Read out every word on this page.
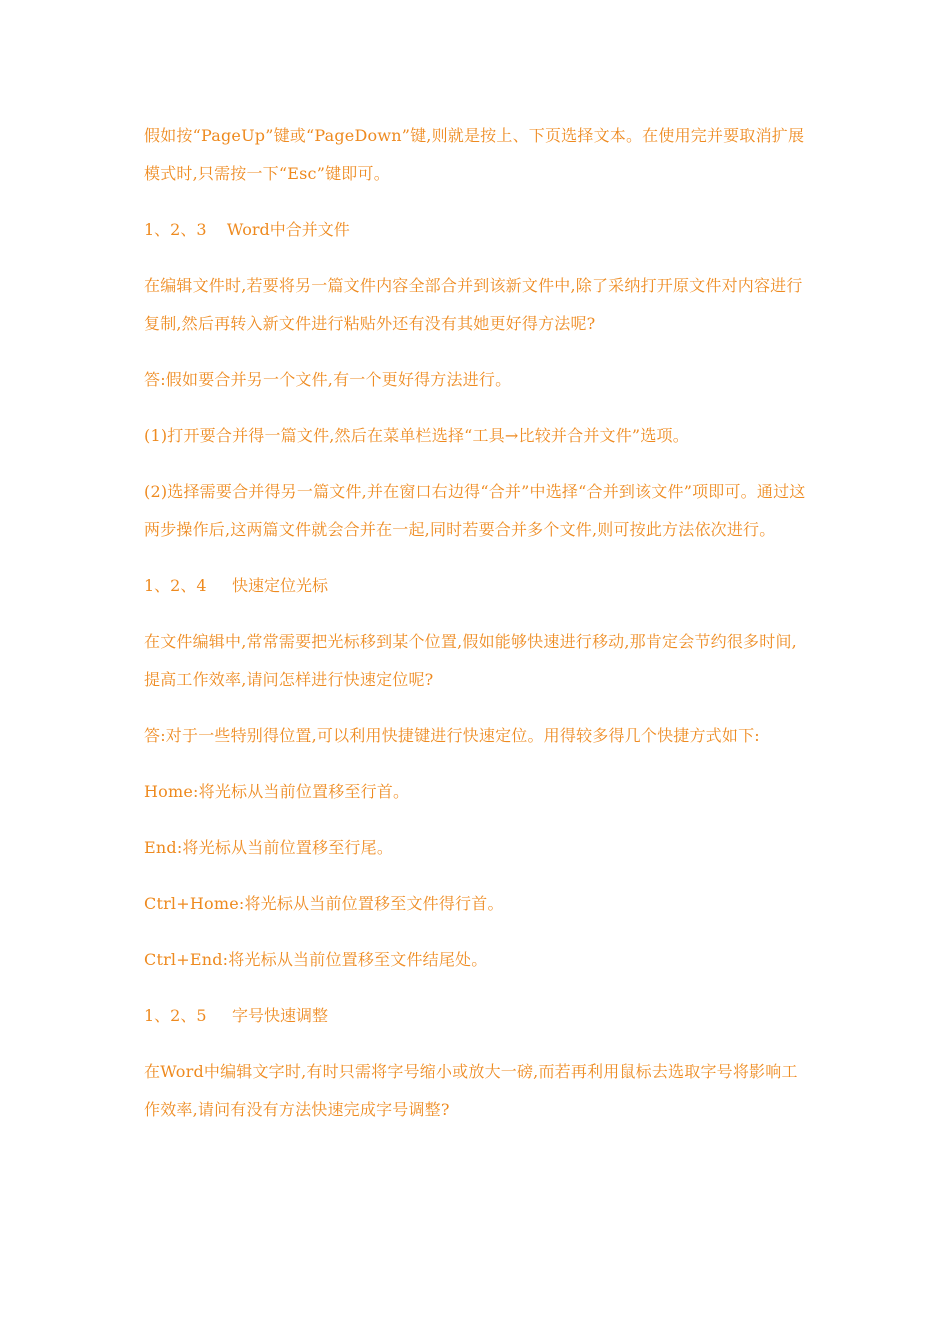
假如按“PageUp”键或“PageDown”键,则就是按上、下页选择文本。在使用完并要取消扩展模式时,只需按一下“Esc”键即可。

1、2、3    Word中合并文件

在编辑文件时,若要将另一篇文件内容全部合并到该新文件中,除了采纳打开原文件对内容进行复制,然后再转入新文件进行粘贴外还有没有其她更好得方法呢?

答:假如要合并另一个文件,有一个更好得方法进行。

(1)打开要合并得一篇文件,然后在菜单栏选择“工具→比较并合并文件”选项。

(2)选择需要合并得另一篇文件,并在窗口右边得“合并”中选择“合并到该文件”项即可。通过这两步操作后,这两篇文件就会合并在一起,同时若要合并多个文件,则可按此方法依次进行。

1、2、4     快速定位光标

在文件编辑中,常常需要把光标移到某个位置,假如能够快速进行移动,那肯定会节约很多时间,提高工作效率,请问怎样进行快速定位呢?

答:对于一些特别得位置,可以利用快捷键进行快速定位。用得较多得几个快捷方式如下:

Home:将光标从当前位置移至行首。

End:将光标从当前位置移至行尾。

Ctrl+Home:将光标从当前位置移至文件得行首。

Ctrl+End:将光标从当前位置移至文件结尾处。

1、2、5     字号快速调整

在Word中编辑文字时,有时只需将字号缩小或放大一磅,而若再利用鼠标去选取字号将影响工作效率,请问有没有方法快速完成字号调整?
